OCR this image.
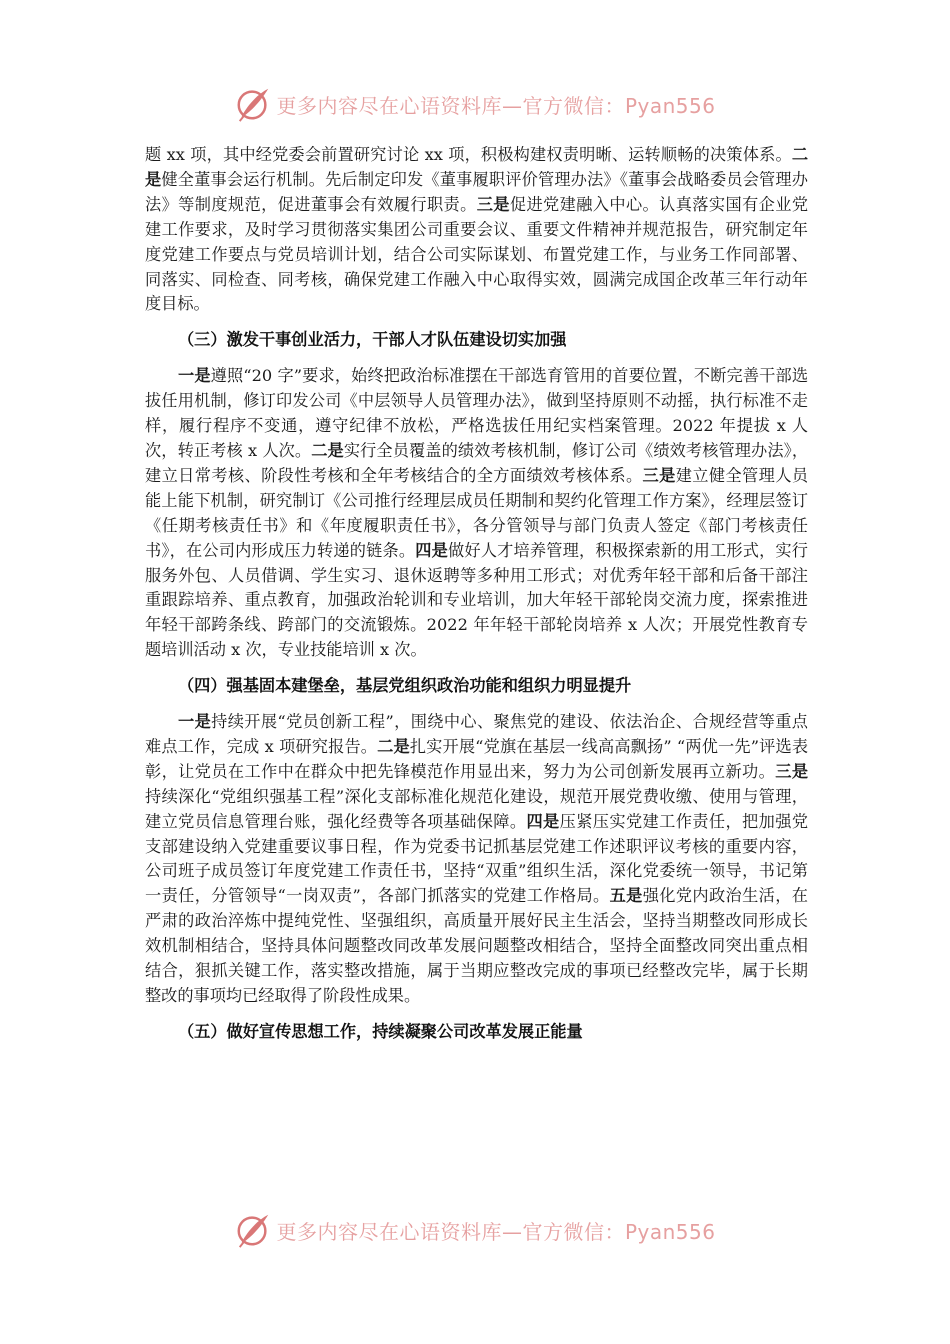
更多内容尽在心语资料库—官方微信：Pyan556

题 xx 项，其中经党委会前置研究讨论 xx 项，积极构建权责明晰、运转顺畅的决策体系。二是健全董事会运行机制。先后制定印发《董事履职评价管理办法》《董事会战略委员会管理办法》等制度规范，促进董事会有效履行职责。三是促进党建融入中心。认真落实国有企业党建工作要求，及时学习贯彻落实集团公司重要会议、重要文件精神并规范报告，研究制定年度党建工作要点与党员培训计划，结合公司实际谋划、布置党建工作，与业务工作同部署、同落实、同检查、同考核，确保党建工作融入中心取得实效，圆满完成国企改革三年行动年度目标。

（三）激发干事创业活力，干部人才队伍建设切实加强

一是遵照“20 字”要求，始终把政治标准摆在干部选育管用的首要位置，不断完善干部选拔任用机制，修订印发公司《中层领导人员管理办法》，做到坚持原则不动摇，执行标准不走样，履行程序不变通，遵守纪律不放松，严格选拔任用纪实档案管理。2022 年提拔 x 人次，转正考核 x 人次。二是实行全员覆盖的绩效考核机制，修订公司《绩效考核管理办法》，建立日常考核、阶段性考核和全年考核结合的全方面绩效考核体系。三是建立健全管理人员能上能下机制，研究制订《公司推行经理层成员任期制和契约化管理工作方案》，经理层签订《任期考核责任书》和《年度履职责任书》，各分管领导与部门负责人签定《部门考核责任书》，在公司内形成压力转递的链条。四是做好人才培养管理，积极探索新的用工形式，实行服务外包、人员借调、学生实习、退休返聘等多种用工形式；对优秀年轻干部和后备干部注重跟踪培养、重点教育，加强政治轮训和专业培训，加大年轻干部轮岗交流力度，探索推进年轻干部跨条线、跨部门的交流锻炼。2022 年年轻干部轮岗培养 x 人次；开展党性教育专题培训活动 x 次，专业技能培训 x 次。

（四）强基固本建堡垒，基层党组织政治功能和组织力明显提升

一是持续开展“党员创新工程”，围绕中心、聚焦党的建设、依法治企、合规经营等重点难点工作，完成 x 项研究报告。二是扎实开展“党旗在基层一线高高飘扬” “两优一先”评选表彰，让党员在工作中在群众中把先锋模范作用显出来，努力为公司创新发展再立新功。三是持续深化“党组织强基工程”深化支部标准化规范化建设，规范开展党费收缴、使用与管理，建立党员信息管理台账，强化经费等各项基础保障。四是压紧压实党建工作责任，把加强党支部建设纳入党建重要议事日程，作为党委书记抓基层党建工作述职评议考核的重要内容，公司班子成员签订年度党建工作责任书，坚持“双重”组织生活，深化党委统一领导，书记第一责任，分管领导“一岗双责”，各部门抓落实的党建工作格局。五是强化党内政治生活，在严肃的政治淬炼中提纯党性、坚强组织，高质量开展好民主生活会，坚持当期整改同形成长效机制相结合，坚持具体问题整改同改革发展问题整改相结合，坚持全面整改同突出重点相结合，狠抓关键工作，落实整改措施，属于当期应整改完成的事项已经整改完毕，属于长期整改的事项均已经取得了阶段性成果。

（五）做好宣传思想工作，持续凝聚公司改革发展正能量

更多内容尽在心语资料库—官方微信：Pyan556
